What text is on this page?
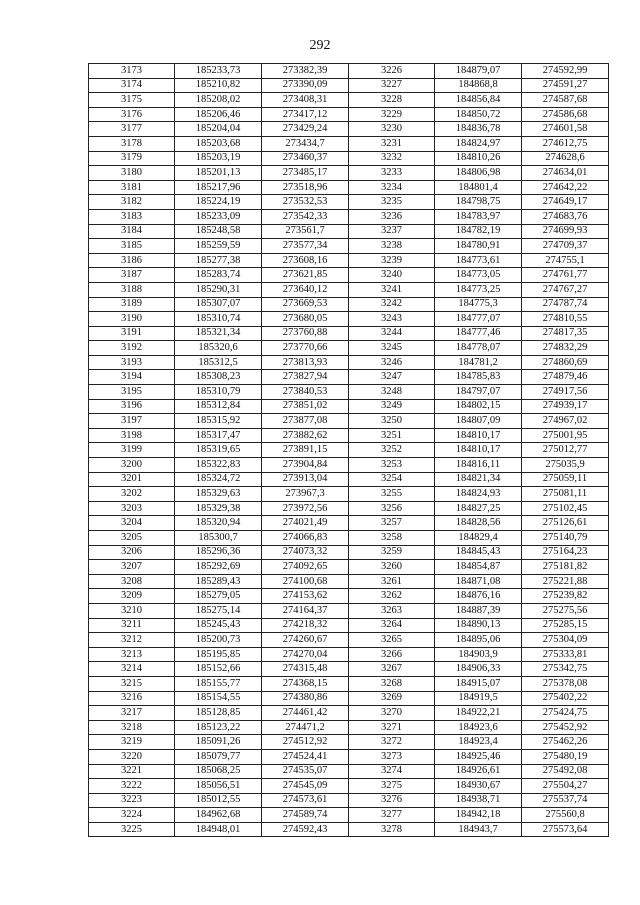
292
3173	185233,73	273382,39	3226	184879,07	274592,99
3174	185210,82	273390,09	3227	184868,8	274591,27
3175	185208,02	273408,31	3228	184856,84	274587,68
3176	185206,46	273417,12	3229	184850,72	274586,68
3177	185204,04	273429,24	3230	184836,78	274601,58
3178	185203,68	273434,7	3231	184824,97	274612,75
3179	185203,19	273460,37	3232	184810,26	274628,6
3180	185201,13	273485,17	3233	184806,98	274634,01
3181	185217,96	273518,96	3234	184801,4	274642,22
3182	185224,19	273532,53	3235	184798,75	274649,17
3183	185233,09	273542,33	3236	184783,97	274683,76
3184	185248,58	273561,7	3237	184782,19	274699,93
3185	185259,59	273577,34	3238	184780,91	274709,37
3186	185277,38	273608,16	3239	184773,61	274755,1
3187	185283,74	273621,85	3240	184773,05	274761,77
3188	185290,31	273640,12	3241	184773,25	274767,27
3189	185307,07	273669,53	3242	184775,3	274787,74
3190	185310,74	273680,05	3243	184777,07	274810,55
3191	185321,34	273760,88	3244	184777,46	274817,35
3192	185320,6	273770,66	3245	184778,07	274832,29
3193	185312,5	273813,93	3246	184781,2	274860,69
3194	185308,23	273827,94	3247	184785,83	274879,46
3195	185310,79	273840,53	3248	184797,07	274917,56
3196	185312,84	273851,02	3249	184802,15	274939,17
3197	185315,92	273877,08	3250	184807,09	274967,02
3198	185317,47	273882,62	3251	184810,17	275001,95
3199	185319,65	273891,15	3252	184810,17	275012,77
3200	185322,83	273904,84	3253	184816,11	275035,9
3201	185324,72	273913,04	3254	184821,34	275059,11
3202	185329,63	273967,3	3255	184824,93	275081,11
3203	185329,38	273972,56	3256	184827,25	275102,45
3204	185320,94	274021,49	3257	184828,56	275126,61
3205	185300,7	274066,83	3258	184829,4	275140,79
3206	185296,36	274073,32	3259	184845,43	275164,23
3207	185292,69	274092,65	3260	184854,87	275181,82
3208	185289,43	274100,68	3261	184871,08	275221,88
3209	185279,05	274153,62	3262	184876,16	275239,82
3210	185275,14	274164,37	3263	184887,39	275275,56
3211	185245,43	274218,32	3264	184890,13	275285,15
3212	185200,73	274260,67	3265	184895,06	275304,09
3213	185195,85	274270,04	3266	184903,9	275333,81
3214	185152,66	274315,48	3267	184906,33	275342,75
3215	185155,77	274368,15	3268	184915,07	275378,08
3216	185154,55	274380,86	3269	184919,5	275402,22
3217	185128,85	274461,42	3270	184922,21	275424,75
3218	185123,22	274471,2	3271	184923,6	275452,92
3219	185091,26	274512,92	3272	184923,4	275462,26
3220	185079,77	274524,41	3273	184925,46	275480,19
3221	185068,25	274535,07	3274	184926,61	275492,08
3222	185056,51	274545,09	3275	184930,67	275504,27
3223	185012,55	274573,61	3276	184938,71	275537,74
3224	184962,68	274589,74	3277	184942,18	275560,8
3225	184948,01	274592,43	3278	184943,7	275573,64
